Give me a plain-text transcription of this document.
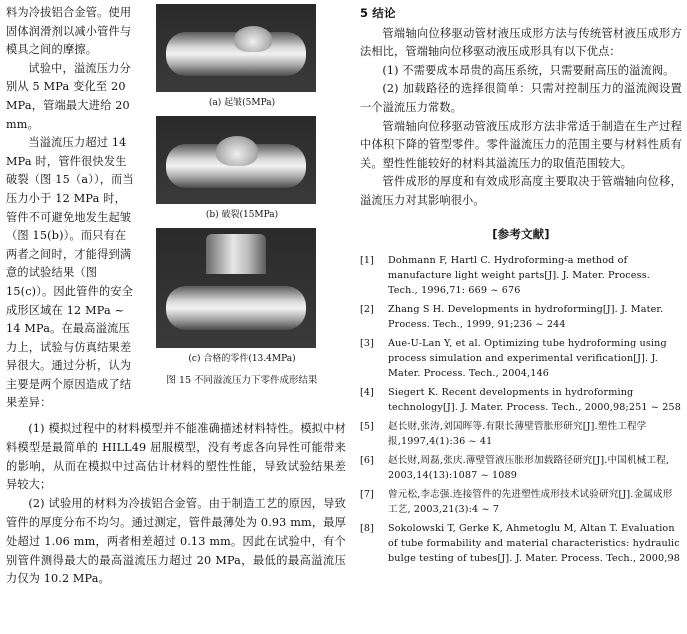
料为冷拔铝合金管。使用固体润滑剂以减小管件与模具之间的摩擦。

试验中，溢流压力分别从 5 MPa 变化至 20 MPa，管端最大进给 20 mm。

当溢流压力超过 14 MPa 时，管件很快发生破裂（图 15（a）），而当压力小于 12 MPa 时，管件不可避免地发生起皱（图 15(b)）。而只有在两者之间时，才能得到满意的试验结果（图 15(c)）。因此管件的安全成形区域在 12 MPa ~ 14 MPa。在最高溢流压力上，试验与仿真结果差异很大。通过分析，认为主要是两个原因造成了结果差异：

(a) 起皱(5MPa)
(b) 破裂(15MPa)
(c) 合格的零件(13.4MPa)
图 15 不同溢流压力下零件成形结果

(1) 模拟过程中的材料模型并不能准确描述材料特性。模拟中材料模型是最简单的 HILL49 屈服模型，没有考虑各向异性可能带来的影响，从而在模拟中过高估计材料的塑性性能，导致试验结果差异较大；

(2) 试验用的材料为冷拔铝合金管。由于制造工艺的原因，导致管件的厚度分布不均匀。通过测定，管件最薄处为 0.93 mm，最厚处超过 1.06 mm，两者相差超过 0.13 mm。因此在试验中，有个别管件测得最大的最高溢流压力超过 20 MPa，最低的最高溢流压力仅为 10.2 MPa。

5 结论

管端轴向位移驱动管材液压成形方法与传统管材液压成形方法相比，管端轴向位移驱动液压成形具有以下优点：

(1) 不需要成本昂贵的高压系统，只需要耐高压的溢流阀。

(2) 加载路径的选择很简单：只需对控制压力的溢流阀设置一个溢流压力常数。

管端轴向位移驱动管液压成形方法非常适于制造在生产过程中体积下降的管型零件。零件溢流压力的范围主要与材料性质有关。塑性性能较好的材料其溢流压力的取值范围较大。

管件成形的厚度和有效成形高度主要取决于管端轴向位移，溢流压力对其影响很小。

[参考文献]
[1]	Dohmann F, Hartl C. Hydroforming-a method of manufacture light weight parts[J]. J. Mater. Process. Tech., 1996,71: 669 ~ 676
[2]	Zhang S H. Developments in hydroforming[J]. J. Mater. Process. Tech., 1999, 91;236 ~ 244
[3]	Aue-U-Lan Y, et al. Optimizing tube hydroforming using process simulation and experimental verification[J]. J. Mater. Process. Tech., 2004,146
[4]	Siegert K. Recent developments in hydroforming technology[J]. J. Mater. Process. Tech., 2000,98;251 ~ 258
[5]	赵长财,张涛,刘国晖等.有限长薄壁管胀形研究[J].塑性工程学报,1997,4(1):36 ~ 41
[6]	赵长财,周磊,张庆.薄壁管液压胀形加载路径研究[J].中国机械工程, 2003,14(13):1087 ~ 1089
[7]	曾元松,李志强.连接管件的先进塑性成形技术试验研究[J].金属成形工艺, 2003,21(3):4 ~ 7
[8]	Sokolowski T, Gerke K, Ahmetoglu M, Altan T. Evaluation of tube formability and material characteristics: hydraulic bulge testing of tubes[J]. J. Mater. Process. Tech., 2000,98
